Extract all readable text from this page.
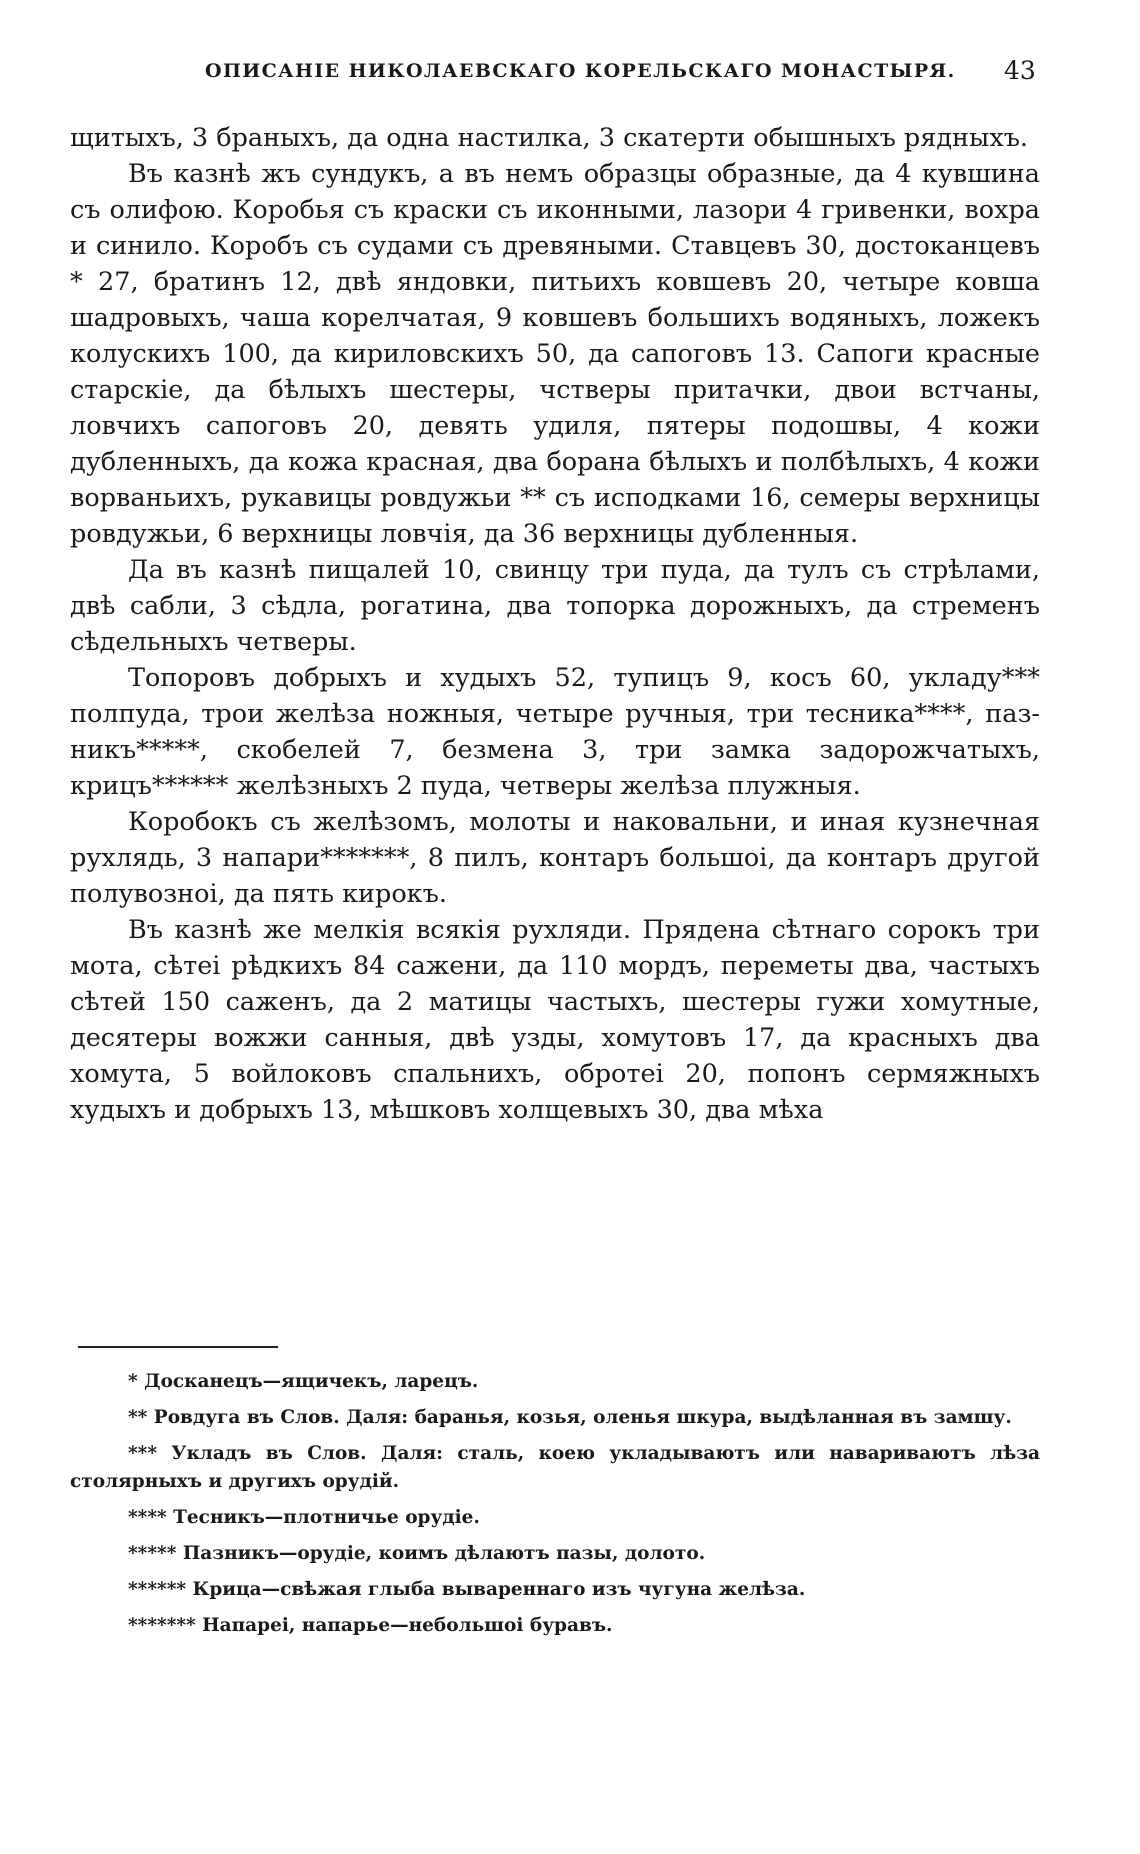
ОПИСАНІЕ НИКОЛАЕВСКАГО КОРЕЛЬСКАГО МОНАСТЫРЯ. 43

щитыхъ, 3 браныхъ, да одна настилка, 3 скатерти обышныхъ рядныхъ.

Въ казнѣ жъ сундукъ, а въ немъ образцы образные, да 4 кувшина съ олифою. Коробья съ краски съ иконными, лазори 4 гривенки, вохра и синило. Коробъ съ судами съ древяными. Ставцевъ 30, достоканцевъ * 27, братинъ 12, двѣ яндовки, питьихъ ковшевъ 20, четыре ковша шадровыхъ, чаша корелчатая, 9 ковшевъ большихъ водяныхъ, ложекъ колускихъ 100, да кириловскихъ 50, да сапоговъ 13. Сапоги красные старскіе, да бѣлыхъ шестеры, чстверы притачки, двои встчаны, ловчихъ сапоговъ 20, девять удиля, пятеры подошвы, 4 кожи дубленныхъ, да кожа красная, два борана бѣлыхъ и полбѣлыхъ, 4 кожи ворваньихъ, рукавицы ровдужьи ** съ исподками 16, семеры верхницы ровдужьи, 6 верхницы ловчія, да 36 верхницы дубленныя.

Да въ казнѣ пищалей 10, свинцу три пуда, да тулъ съ стрѣлами, двѣ сабли, 3 сѣдла, рогатина, два топорка дорожныхъ, да стременъ сѣдельныхъ четверы.

Топоровъ добрыхъ и худыхъ 52, тупицъ 9, косъ 60, укладу*** полпуда, трои желѣза ножныя, четыре ручныя, три тесника****, пазникъ*****, скобелей 7, безмена 3, три замка задорожчатыхъ, крицъ****** желѣзныхъ 2 пуда, четверы желѣза плужныя.

Коробокъ съ желѣзомъ, молоты и наковальни, и иная кузнечная рухлядь, 3 напари*******, 8 пилъ, контаръ большоі, да контаръ другой полувозноі, да пять кирокъ.

Въ казнѣ же мелкія всякія рухляди. Прядена сѣтнаго сорокъ три мота, сѣтеі рѣдкихъ 84 сажени, да 110 мордъ, переметы два, частыхъ сѣтей 150 саженъ, да 2 матицы частыхъ, шестеры гужи хомутные, десятеры вожжи санныя, двѣ узды, хомутовъ 17, да красныхъ два хомута, 5 войлоковъ спальнихъ, обротеі 20, попонъ сермяжныхъ худыхъ и добрыхъ 13, мѣшковъ холщевыхъ 30, два мѣха

* Досканецъ—ящичекъ, ларецъ.

** Ровдуга въ Слов. Даля: баранья, козья, оленья шкура, выдѣланная въ замшу.

*** Укладъ въ Слов. Даля: сталь, коею укладываютъ или навариваютъ лѣза столярныхъ и другихъ орудій.

**** Тесникъ—плотничье орудіе.

***** Пазникъ—орудіе, коимъ дѣлаютъ пазы, долото.

****** Крица—свѣжая глыба вывареннаго изъ чугуна желѣза.

******* Напареі, напарье—небольшоі буравъ.
